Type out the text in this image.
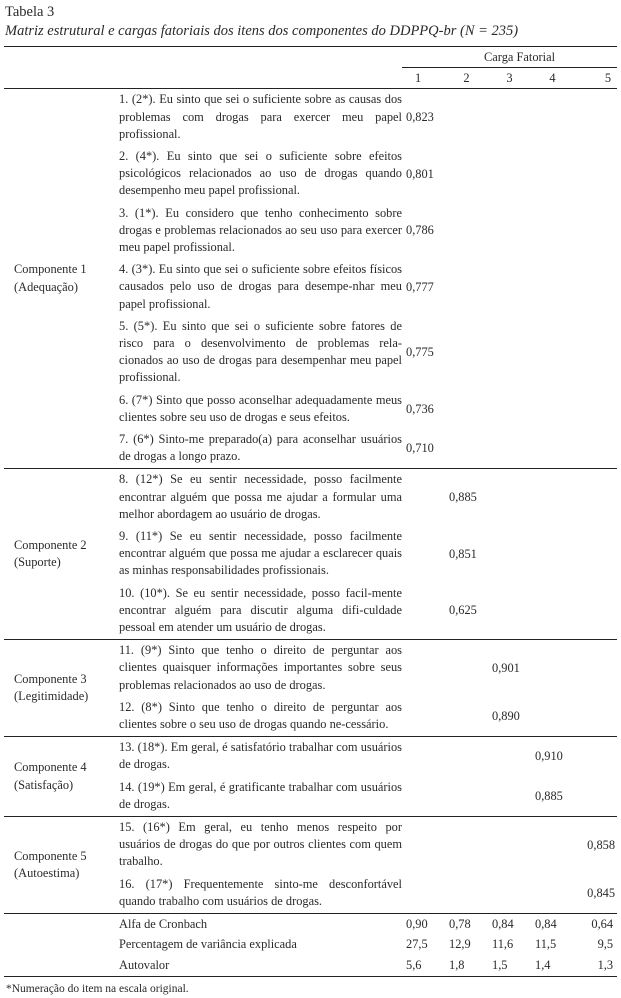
Tabela 3
Matriz estrutural e cargas fatoriais dos itens dos componentes do DDPPQ-br (N = 235)
		Carga Fatorial				
		1	2	3	4	5

Componente 1
(Adequação)	1. (2*). Eu sinto que sei o suficiente sobre as causas dos problemas com drogas para exercer meu papel profissional.	0,823				
	2. (4*). Eu sinto que sei o suficiente sobre efeitos psicológicos relacionados ao uso de drogas quando desempenho meu papel profissional.	0,801				
	3. (1*). Eu considero que tenho conhecimento sobre drogas e problemas relacionados ao seu uso para exercer meu papel profissional.	0,786				
	4. (3*). Eu sinto que sei o suficiente sobre efeitos físicos causados pelo uso de drogas para desempe-nhar meu papel profissional.	0,777				
	5. (5*). Eu sinto que sei o suficiente sobre fatores de risco para o desenvolvimento de problemas rela-cionados ao uso de drogas para desempenhar meu papel profissional.	0,775				
	6. (7*) Sinto que posso aconselhar adequadamente meus clientes sobre seu uso de drogas e seus efeitos.	0,736				
	7. (6*) Sinto-me preparado(a) para aconselhar usuários de drogas a longo prazo.	0,710				

Componente 2
(Suporte)	8. (12*) Se eu sentir necessidade, posso facilmente encontrar alguém que possa me ajudar a formular uma melhor abordagem ao usuário de drogas.		0,885			
	9. (11*) Se eu sentir necessidade, posso facilmente encontrar alguém que possa me ajudar a esclarecer quais as minhas responsabilidades profissionais.		0,851			
	10. (10*). Se eu sentir necessidade, posso facil-mente encontrar alguém para discutir alguma difi-culdade pessoal em atender um usuário de drogas.		0,625			

Componente 3
(Legitimidade)	11. (9*) Sinto que tenho o direito de perguntar aos clientes quaisquer informações importantes sobre seus problemas relacionados ao uso de drogas.			0,901		
	12. (8*) Sinto que tenho o direito de perguntar aos clientes sobre o seu uso de drogas quando ne-cessário.			0,890		

Componente 4
(Satisfação)	13. (18*). Em geral, é satisfatório trabalhar com usuários de drogas.				0,910	
	14. (19*) Em geral, é gratificante trabalhar com usuários de drogas.				0,885	

Componente 5
(Autoestima)	15. (16*) Em geral, eu tenho menos respeito por usuários de drogas do que por outros clientes com quem trabalho.					0,858
	16. (17*) Frequentemente sinto-me desconfortável quando trabalho com usuários de drogas.					0,845
	Alfa de Cronbach	0,90	0,78	0,84	0,84	0,64
	Percentagem de variância explicada	27,5	12,9	11,6	11,5	9,5
	Autovalor	5,6	1,8	1,5	1,4	1,3
*Numeração do item na escala original.
